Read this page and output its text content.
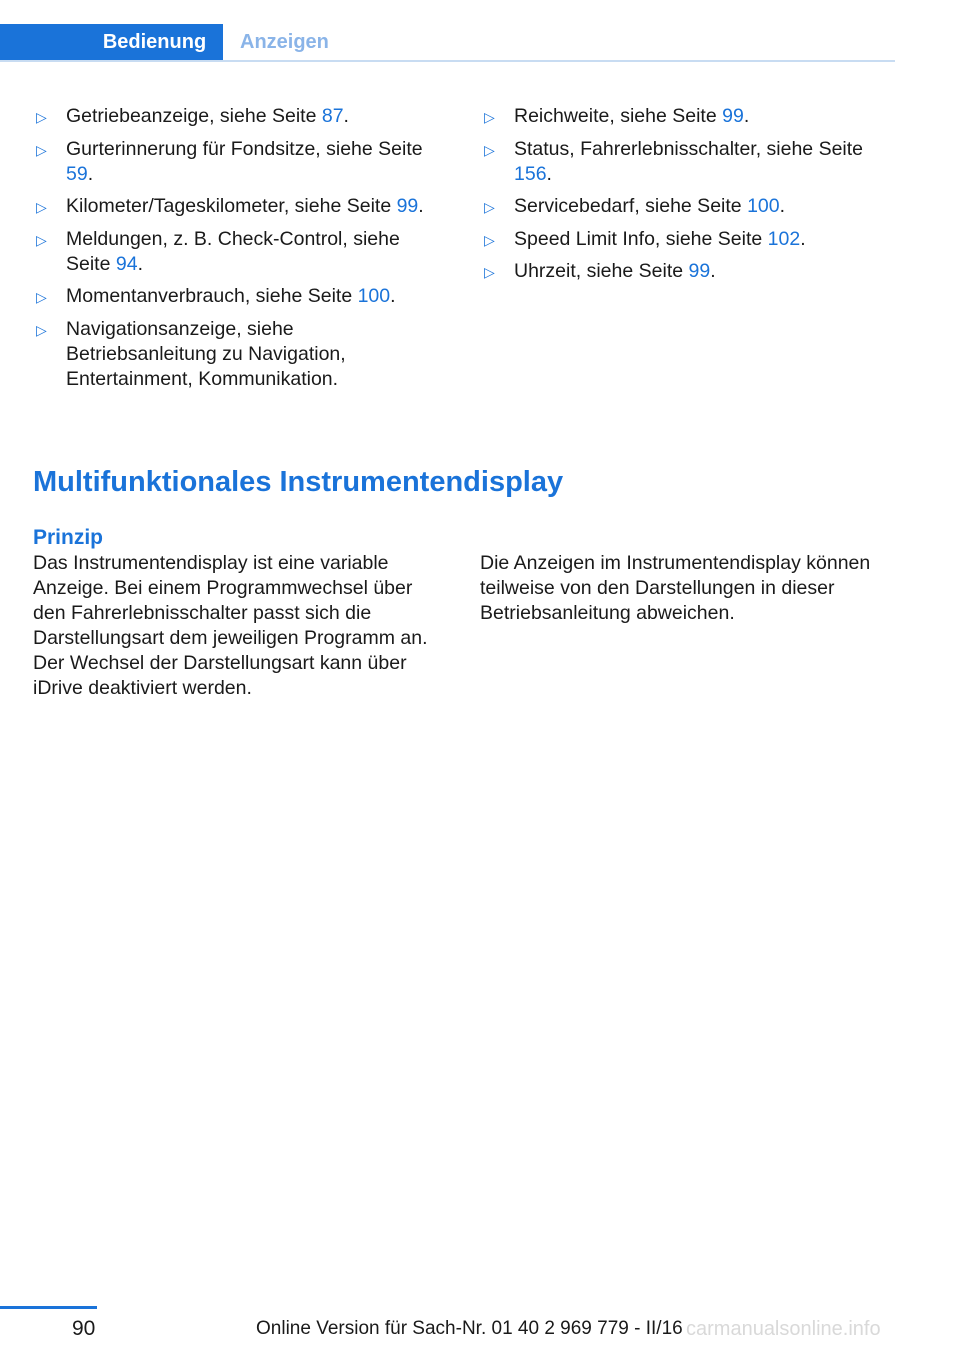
Bedienung Anzeigen
▷ Getriebeanzeige, siehe Seite 87.
▷ Gurterinnerung für Fondsitze, siehe Seite 59.
▷ Kilometer/Tageskilometer, siehe Seite 99.
▷ Meldungen, z. B. Check-Control, siehe Seite 94.
▷ Momentanverbrauch, siehe Seite 100.
▷ Navigationsanzeige, siehe Betriebsanleitung zu Navigation, Entertainment, Kommunikation.
▷ Reichweite, siehe Seite 99.
▷ Status, Fahrerlebnisschalter, siehe Seite 156.
▷ Servicebedarf, siehe Seite 100.
▷ Speed Limit Info, siehe Seite 102.
▷ Uhrzeit, siehe Seite 99.
Multifunktionales Instrumentendisplay
Prinzip

Das Instrumentendisplay ist eine variable Anzeige. Bei einem Programmwechsel über den Fahrerlebnisschalter passt sich die Darstellungsart dem jeweiligen Programm an. Der Wechsel der Darstellungsart kann über iDrive deaktiviert werden.

Die Anzeigen im Instrumentendisplay können teilweise von den Darstellungen in dieser Betriebsanleitung abweichen.

90	Online Version für Sach-Nr. 01 40 2 969 779 - II/16 carmanualsonline.info
